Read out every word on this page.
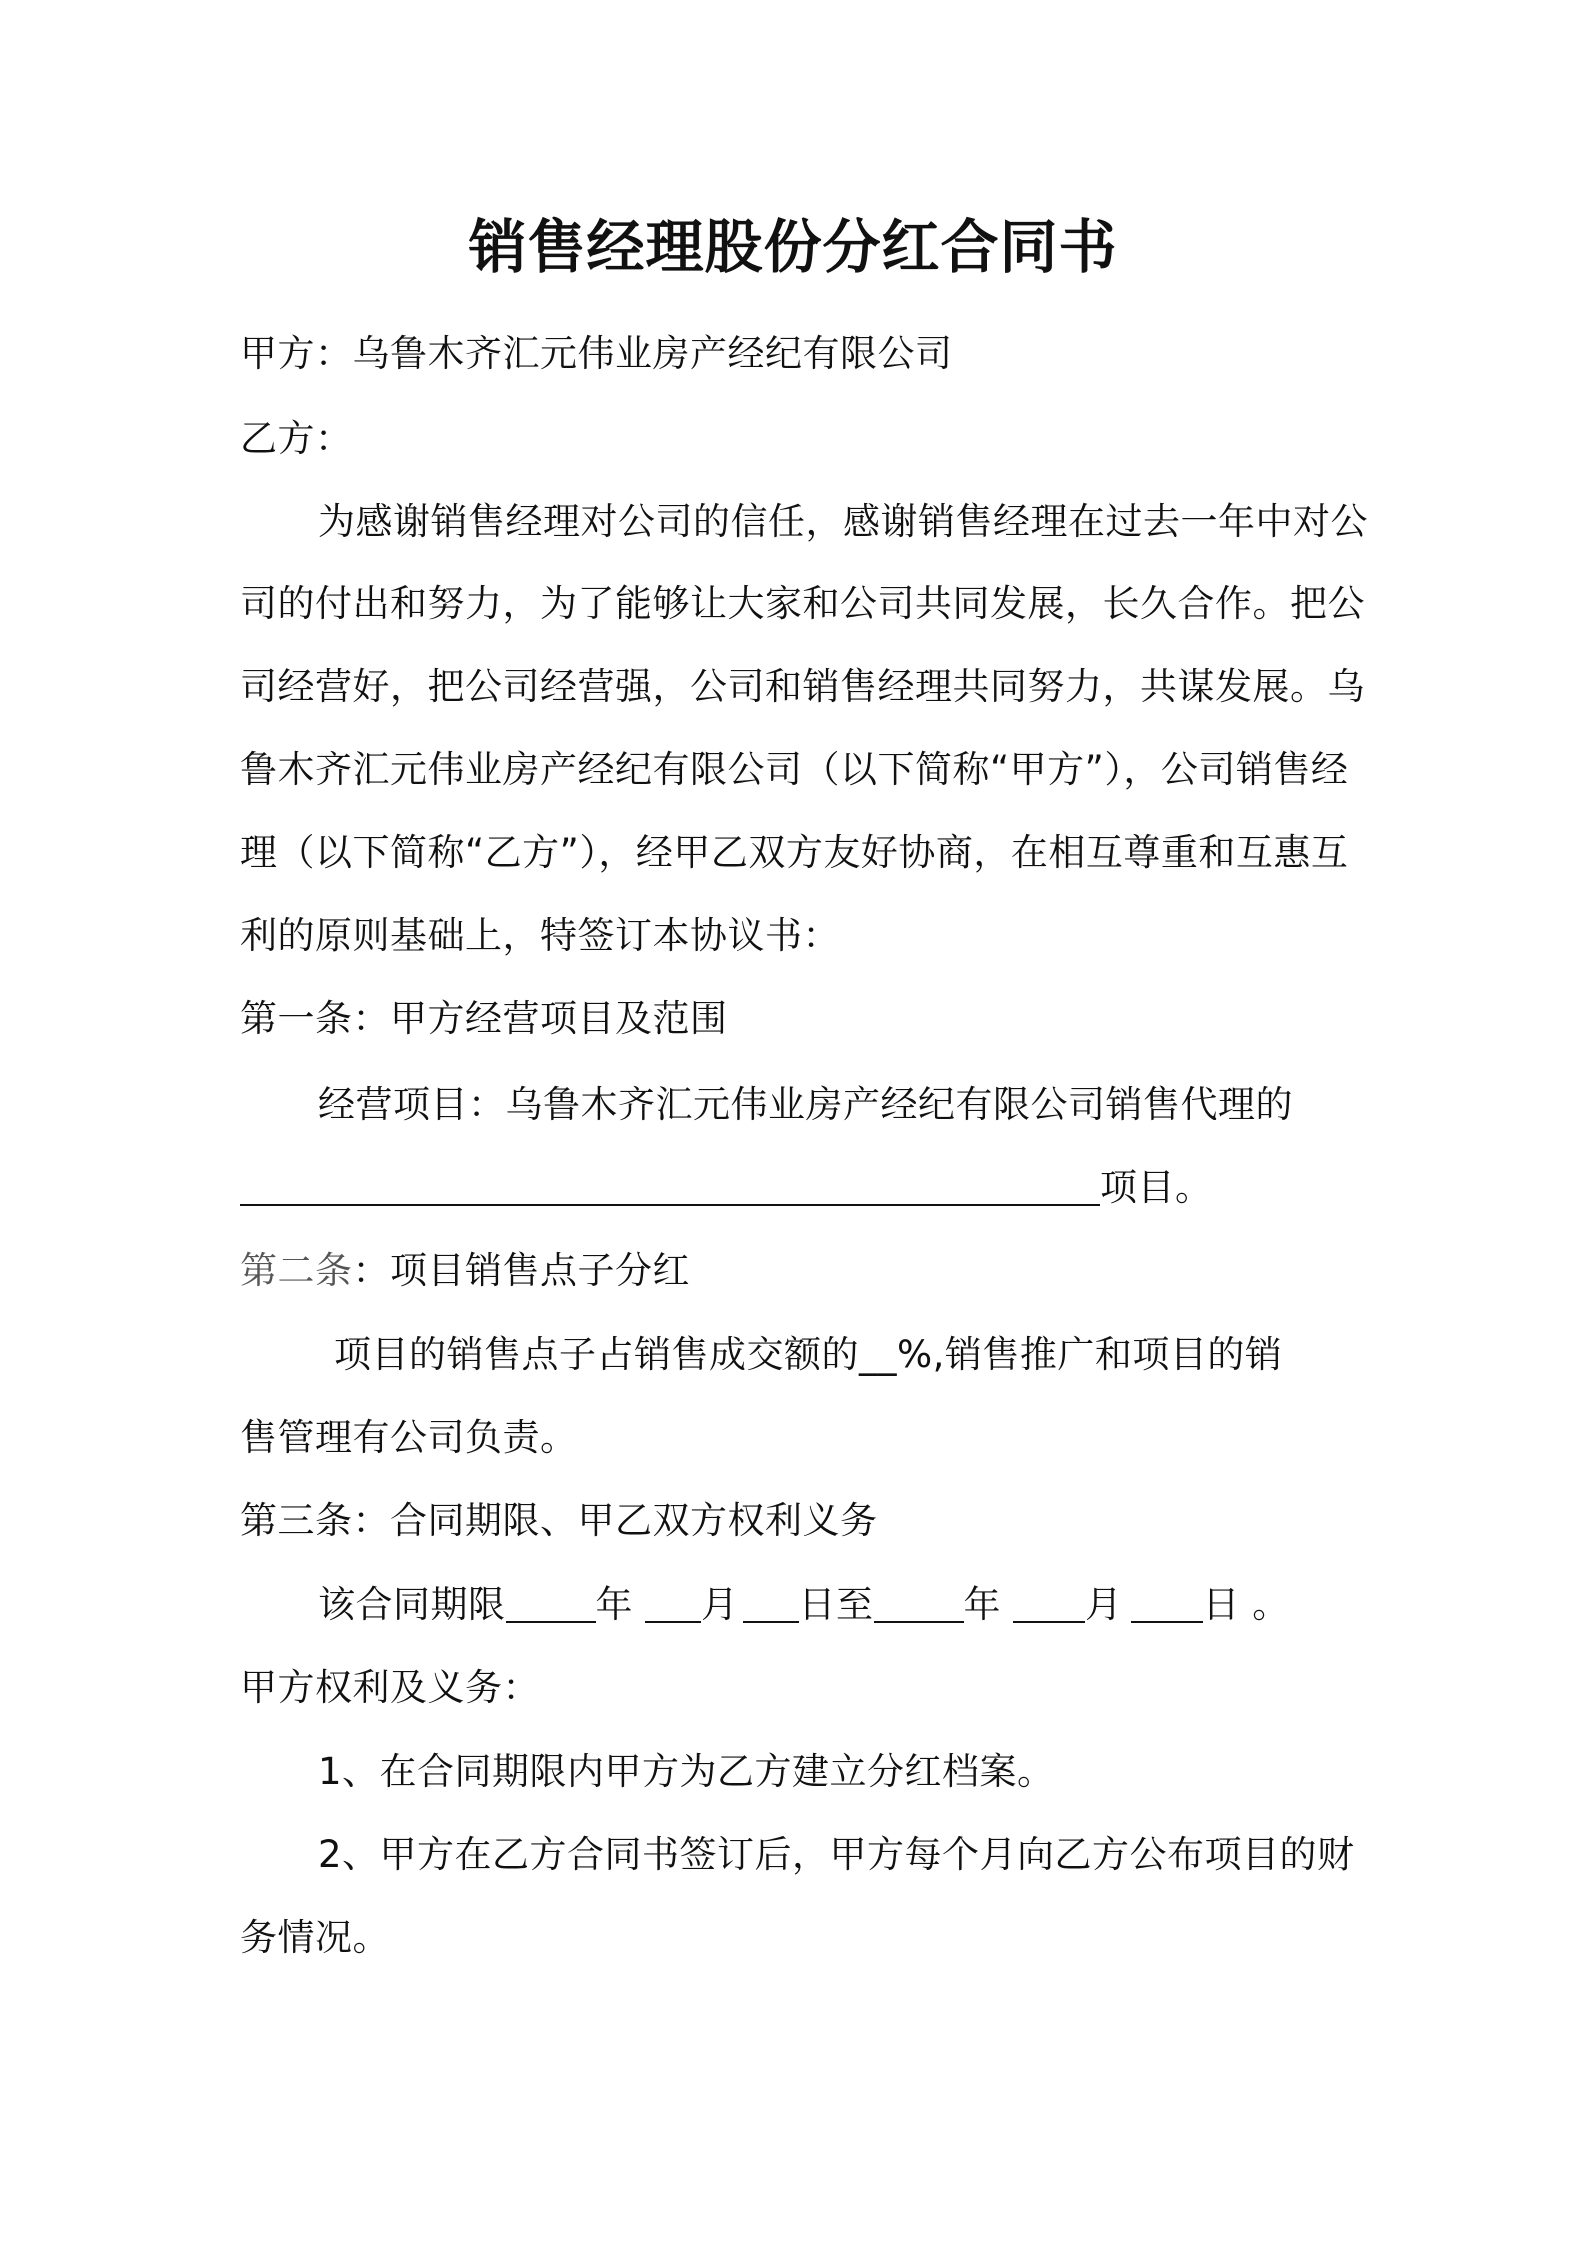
销售经理股份分红合同书
甲方：乌鲁木齐汇元伟业房产经纪有限公司
乙方：
为感谢销售经理对公司的信任，感谢销售经理在过去一年中对公
司的付出和努力，为了能够让大家和公司共同发展，长久合作。把公
司经营好，把公司经营强，公司和销售经理共同努力，共谋发展。乌
鲁木齐汇元伟业房产经纪有限公司（以下简称“甲方”），公司销售经
理（以下简称“乙方”），经甲乙双方友好协商，在相互尊重和互惠互
利的原则基础上，特签订本协议书：
第一条：甲方经营项目及范围
经营项目：乌鲁木齐汇元伟业房产经纪有限公司销售代理的
项目。
第二条：项目销售点子分红
项目的销售点子占销售成交额的__%,销售推广和项目的销
售管理有公司负责。
第三条：合同期限、甲乙双方权利义务
该合同期限 年 月 日至 年 月 日 。
甲方权利及义务：
1、在合同期限内甲方为乙方建立分红档案。
2、甲方在乙方合同书签订后，甲方每个月向乙方公布项目的财
务情况。
